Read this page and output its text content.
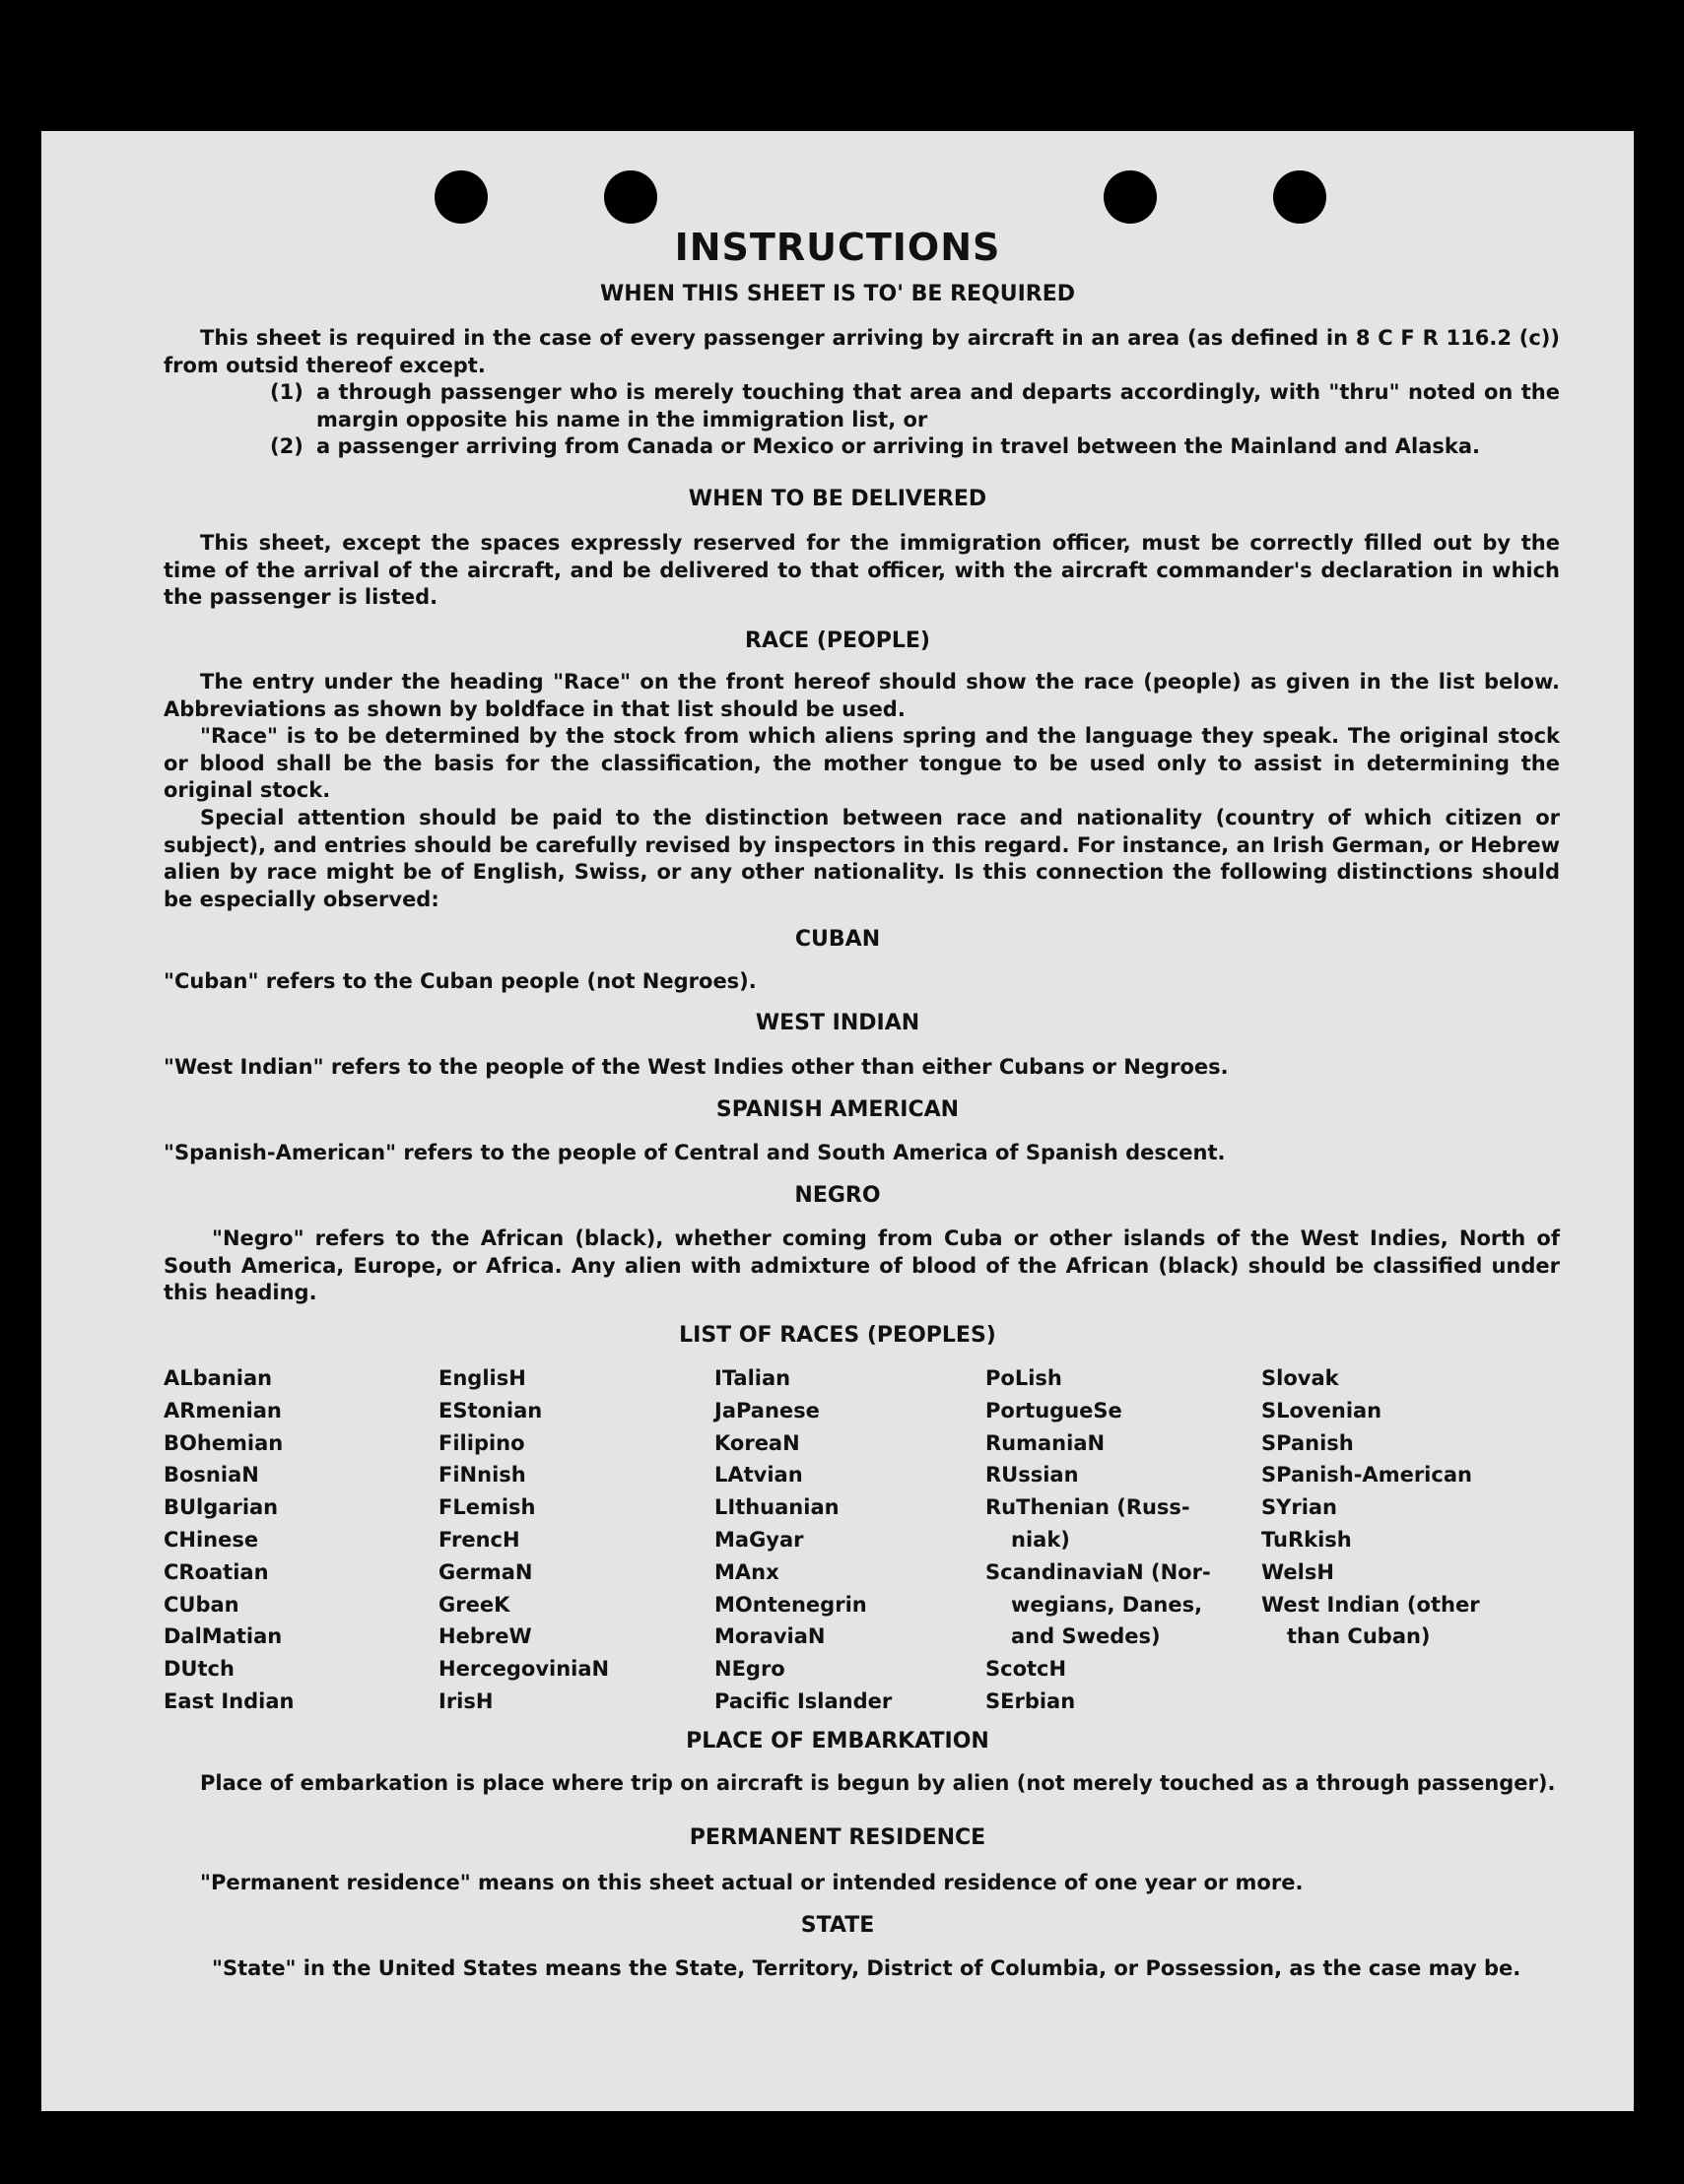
INSTRUCTIONS
WHEN THIS SHEET IS TO' BE REQUIRED
This sheet is required in the case of every passenger arriving by aircraft in an area (as defined in 8 C F R 116.2 (c)) from outsid thereof except.
(1) a through passenger who is merely touching that area and departs accordingly, with "thru" noted on the margin opposite his name in the immigration list, or
(2) a passenger arriving from Canada or Mexico or arriving in travel between the Mainland and Alaska.
WHEN TO BE DELIVERED
This sheet, except the spaces expressly reserved for the immigration officer, must be correctly filled out by the time of the arrival of the aircraft, and be delivered to that officer, with the aircraft commander's declaration in which the passenger is listed.
RACE (PEOPLE)
The entry under the heading "Race" on the front hereof should show the race (people) as given in the list below. Abbreviations as shown by boldface in that list should be used.
"Race" is to be determined by the stock from which aliens spring and the language they speak. The original stock or blood shall be the basis for the classification, the mother tongue to be used only to assist in determining the original stock.
Special attention should be paid to the distinction between race and nationality (country of which citizen or subject), and entries should be carefully revised by inspectors in this regard. For instance, an Irish German, or Hebrew alien by race might be of English, Swiss, or any other nationality. Is this connection the following distinctions should be especially observed:
CUBAN
"Cuban" refers to the Cuban people (not Negroes).
WEST INDIAN
"West Indian" refers to the people of the West Indies other than either Cubans or Negroes.
SPANISH AMERICAN
"Spanish-American" refers to the people of Central and South America of Spanish descent.
NEGRO
"Negro" refers to the African (black), whether coming from Cuba or other islands of the West Indies, North of South America, Europe, or Africa. Any alien with admixture of blood of the African (black) should be classified under this heading.
LIST OF RACES (PEOPLES)
ALbanian
ARmenian
BOhemian
BosniaN
BUlgarian
CHinese
CRoatian
CUban
DalMatian
DUtch
East Indian
EnglisH
EStonian
Filipino
FiNnish
FLemish
FrencH
GermaN
GreeK
HebreW
HercegoviniaN
IrisH
ITalian
JaPanese
KoreaN
LAtvian
LIthuanian
MaGyar
MAnx
MOntenegrin
MoraviaN
NEgro
Pacific Islander
PoLish
PortugueSe
RumaniaN
RUssian
RuThenian (Russ-
niak)
ScandinaviaN (Nor-
wegians, Danes,
and Swedes)
ScotcH
SErbian
Slovak
SLovenian
SPanish
SPanish-American
SYrian
TuRkish
WelsH
West Indian (other
than Cuban)
PLACE OF EMBARKATION
Place of embarkation is place where trip on aircraft is begun by alien (not merely touched as a through passenger).
PERMANENT RESIDENCE
"Permanent residence" means on this sheet actual or intended residence of one year or more.
STATE
"State" in the United States means the State, Territory, District of Columbia, or Possession, as the case may be.
